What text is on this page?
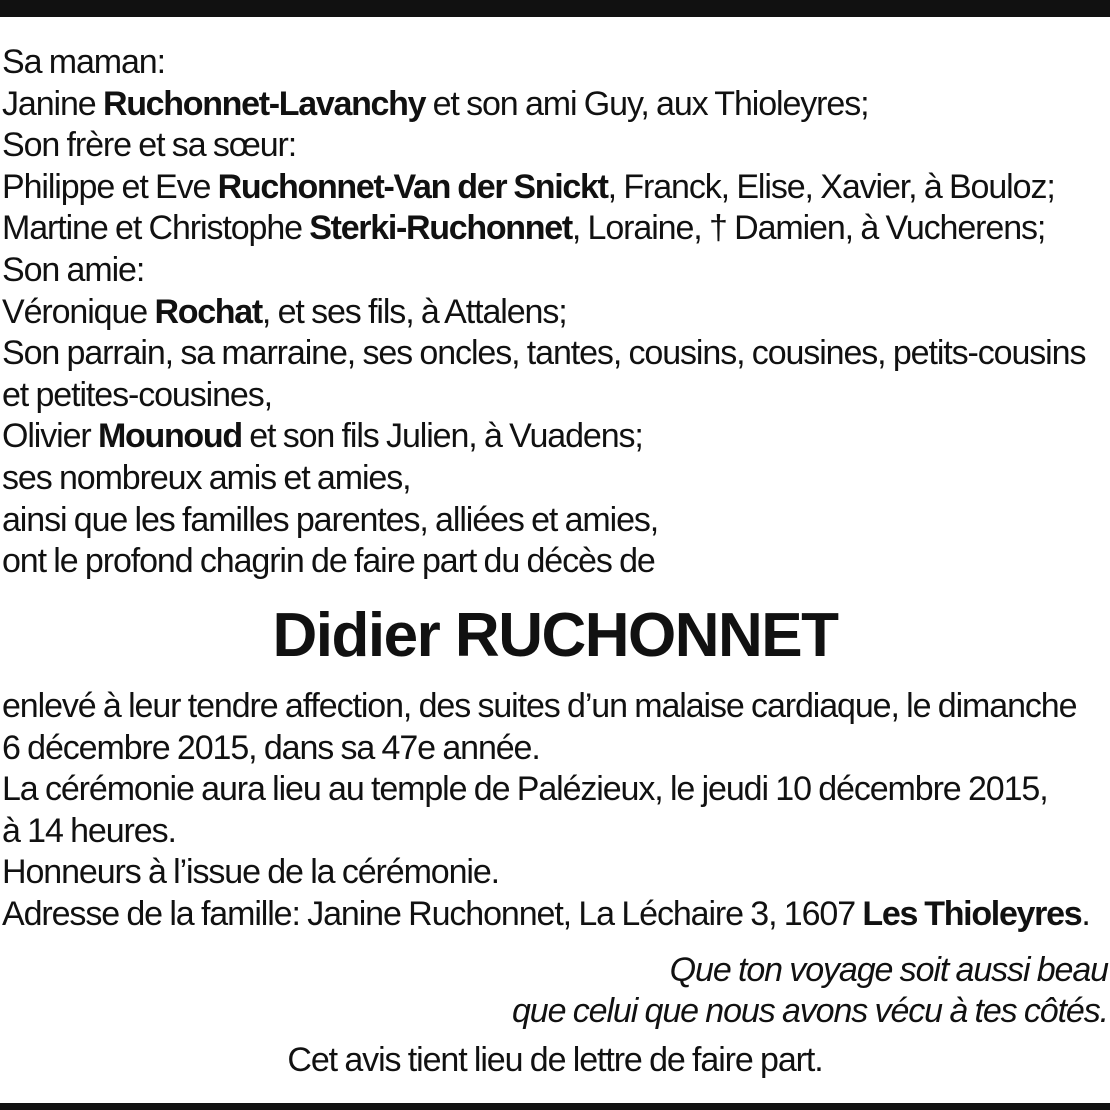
Sa maman:
Janine Ruchonnet-Lavanchy et son ami Guy, aux Thioleyres;
Son frère et sa sœur:
Philippe et Eve Ruchonnet-Van der Snickt, Franck, Elise, Xavier, à Bouloz;
Martine et Christophe Sterki-Ruchonnet, Loraine, † Damien, à Vucherens;
Son amie:
Véronique Rochat, et ses fils, à Attalens;
Son parrain, sa marraine, ses oncles, tantes, cousins, cousines, petits-cousins
et petites-cousines,
Olivier Mounoud et son fils Julien, à Vuadens;
ses nombreux amis et amies,
ainsi que les familles parentes, alliées et amies,
ont le profond chagrin de faire part du décès de
Didier RUCHONNET
enlevé à leur tendre affection, des suites d’un malaise cardiaque, le dimanche
6 décembre 2015, dans sa 47e année.
La cérémonie aura lieu au temple de Palézieux, le jeudi 10 décembre 2015,
à 14 heures.
Honneurs à l’issue de la cérémonie.
Adresse de la famille: Janine Ruchonnet, La Léchaire 3, 1607 Les Thioleyres.
Que ton voyage soit aussi beau
que celui que nous avons vécu à tes côtés.
Cet avis tient lieu de lettre de faire part.
